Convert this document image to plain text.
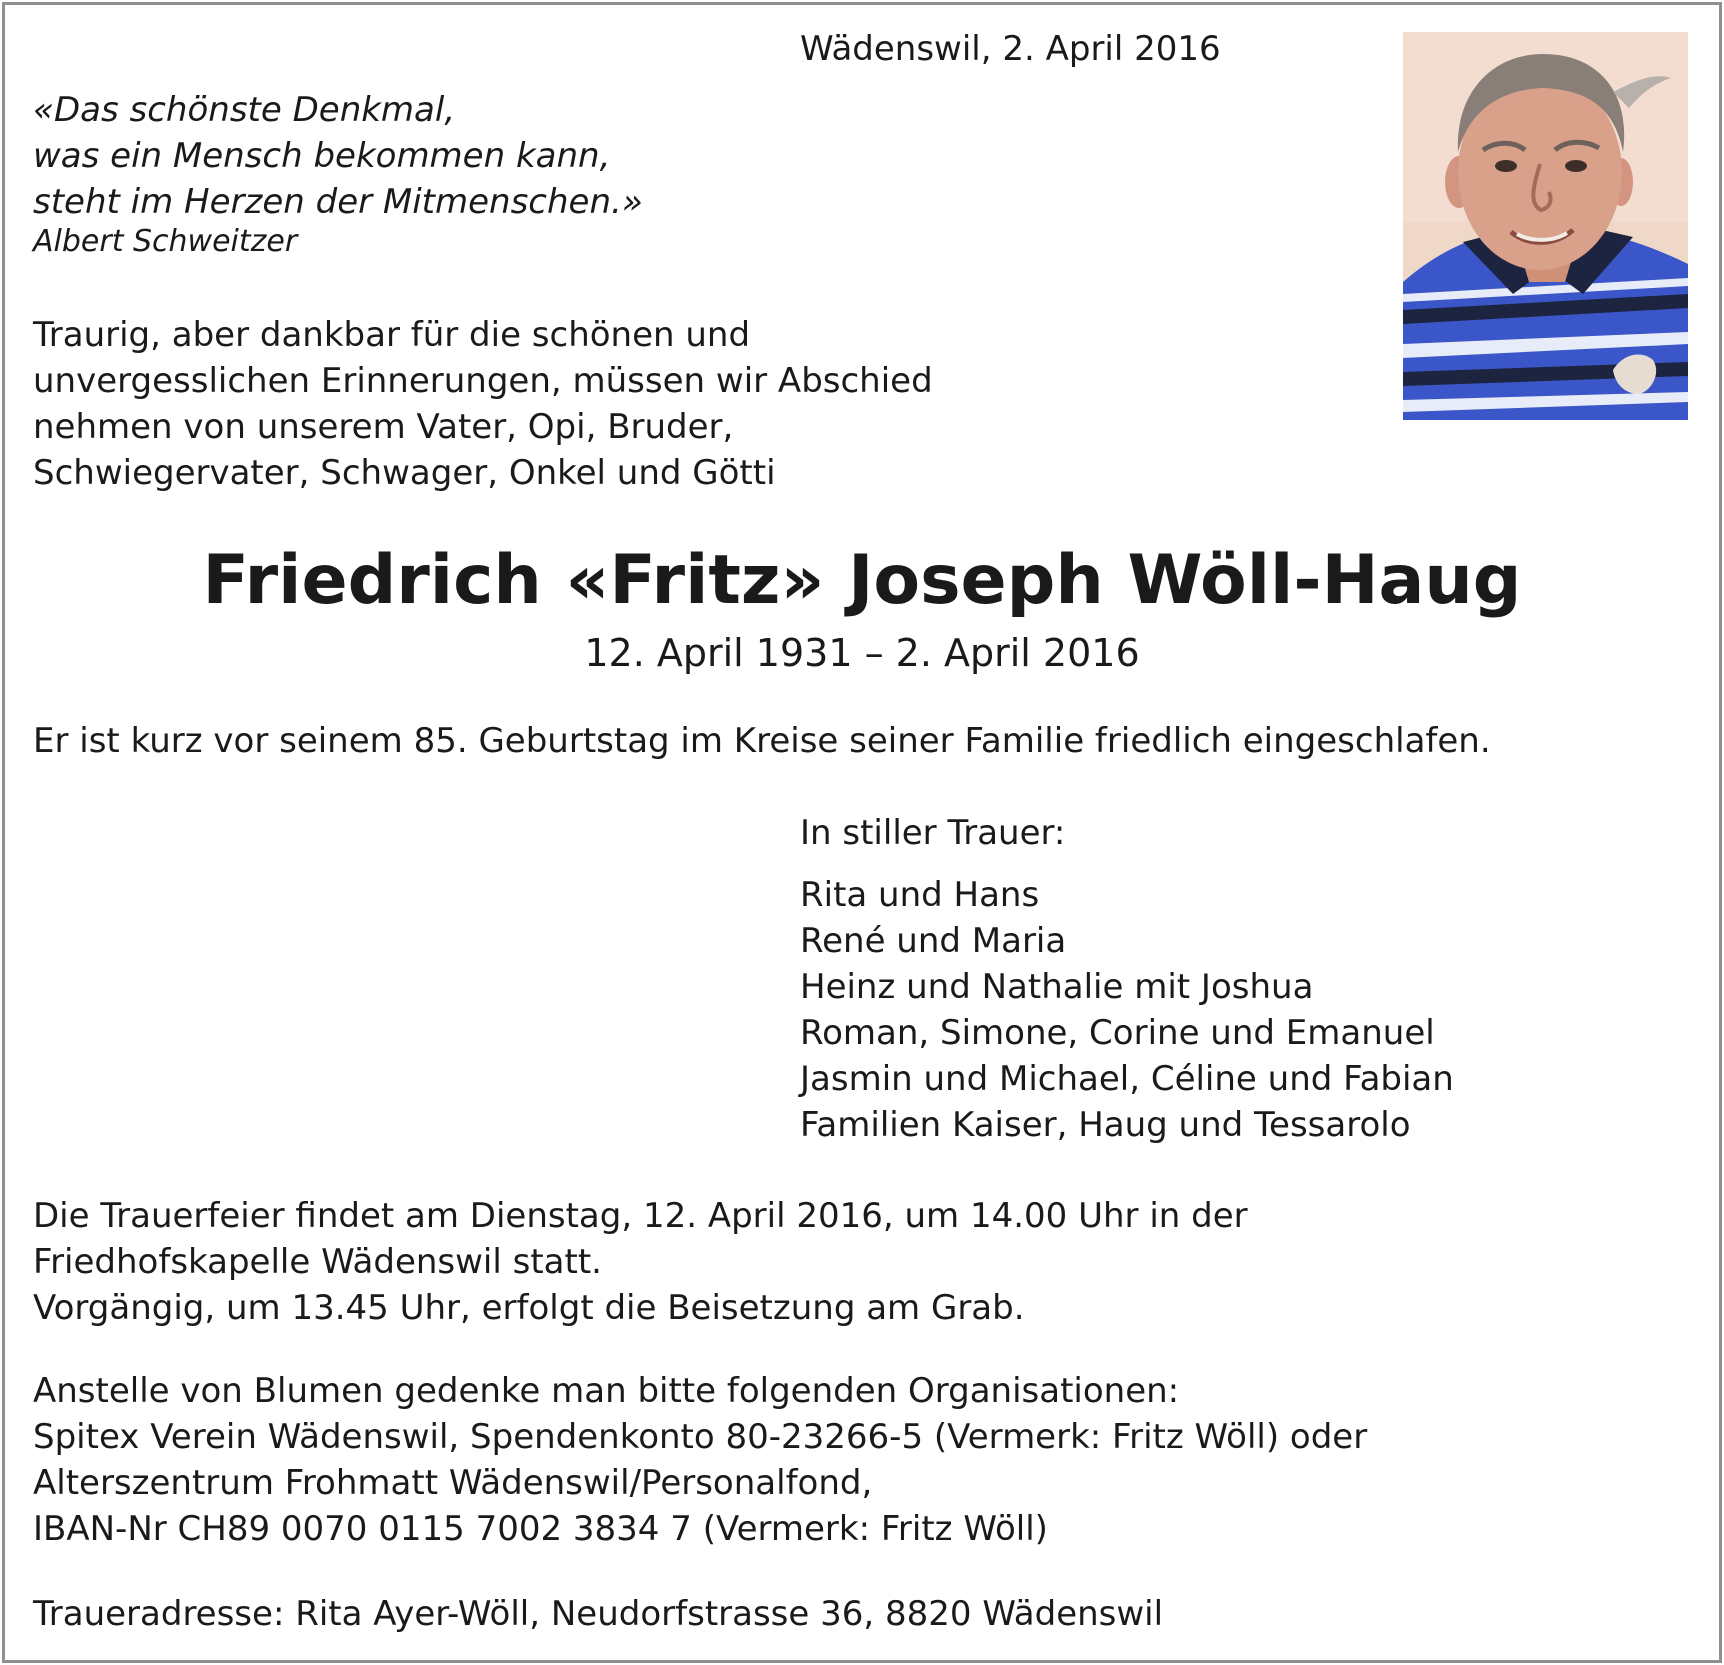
Wädenswil, 2. April 2016

«Das schönste Denkmal,
was ein Mensch bekommen kann,
steht im Herzen der Mitmenschen.»

Albert Schweitzer

Traurig, aber dankbar für die schönen und
unvergesslichen Erinnerungen, müssen wir Abschied
nehmen von unserem Vater, Opi, Bruder,
Schwiegervater, Schwager, Onkel und Götti

Friedrich «Fritz» Joseph Wöll-Haug

12. April 1931 – 2. April 2016

Er ist kurz vor seinem 85. Geburtstag im Kreise seiner Familie friedlich eingeschlafen.

In stiller Trauer:

Rita und Hans
René und Maria
Heinz und Nathalie mit Joshua
Roman, Simone, Corine und Emanuel
Jasmin und Michael, Céline und Fabian
Familien Kaiser, Haug und Tessarolo

Die Trauerfeier findet am Dienstag, 12. April 2016, um 14.00 Uhr in der
Friedhofskapelle Wädenswil statt.
Vorgängig, um 13.45 Uhr, erfolgt die Beisetzung am Grab.

Anstelle von Blumen gedenke man bitte folgenden Organisationen:
Spitex Verein Wädenswil, Spendenkonto 80-23266-5 (Vermerk: Fritz Wöll) oder
Alterszentrum Frohmatt Wädenswil/Personalfond,
IBAN-Nr CH89 0070 0115 7002 3834 7 (Vermerk: Fritz Wöll)

Traueradresse: Rita Ayer-Wöll, Neudorfstrasse 36, 8820 Wädenswil
